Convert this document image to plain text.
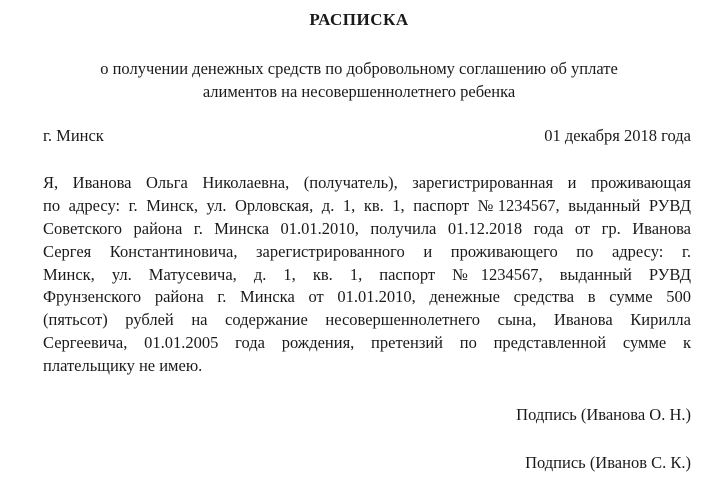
РАСПИСКА
о получении денежных средств по добровольному соглашению об уплате
алиментов на несовершеннолетнего ребенка
г. Минск	01 декабря 2018 года
Я, Иванова Ольга Николаевна, (получатель), зарегистрированная и проживающая
по адресу: г. Минск, ул. Орловская, д. 1, кв. 1, паспорт №1234567, выданный РУВД
Советского района г. Минска 01.01.2010, получила 01.12.2018 года от гр. Иванова
Сергея Константиновича, зарегистрированного и проживающего по адресу: г.
Минск, ул. Матусевича, д. 1, кв. 1, паспорт №1234567, выданный РУВД
Фрунзенского района г. Минска от 01.01.2010, денежные средства в сумме 500
(пятьсот) рублей на содержание несовершеннолетнего сына, Иванова Кирилла
Сергеевича, 01.01.2005 года рождения, претензий по представленной сумме к
плательщику не имею.
Подпись (Иванова О. Н.)
Подпись (Иванов С. К.)
